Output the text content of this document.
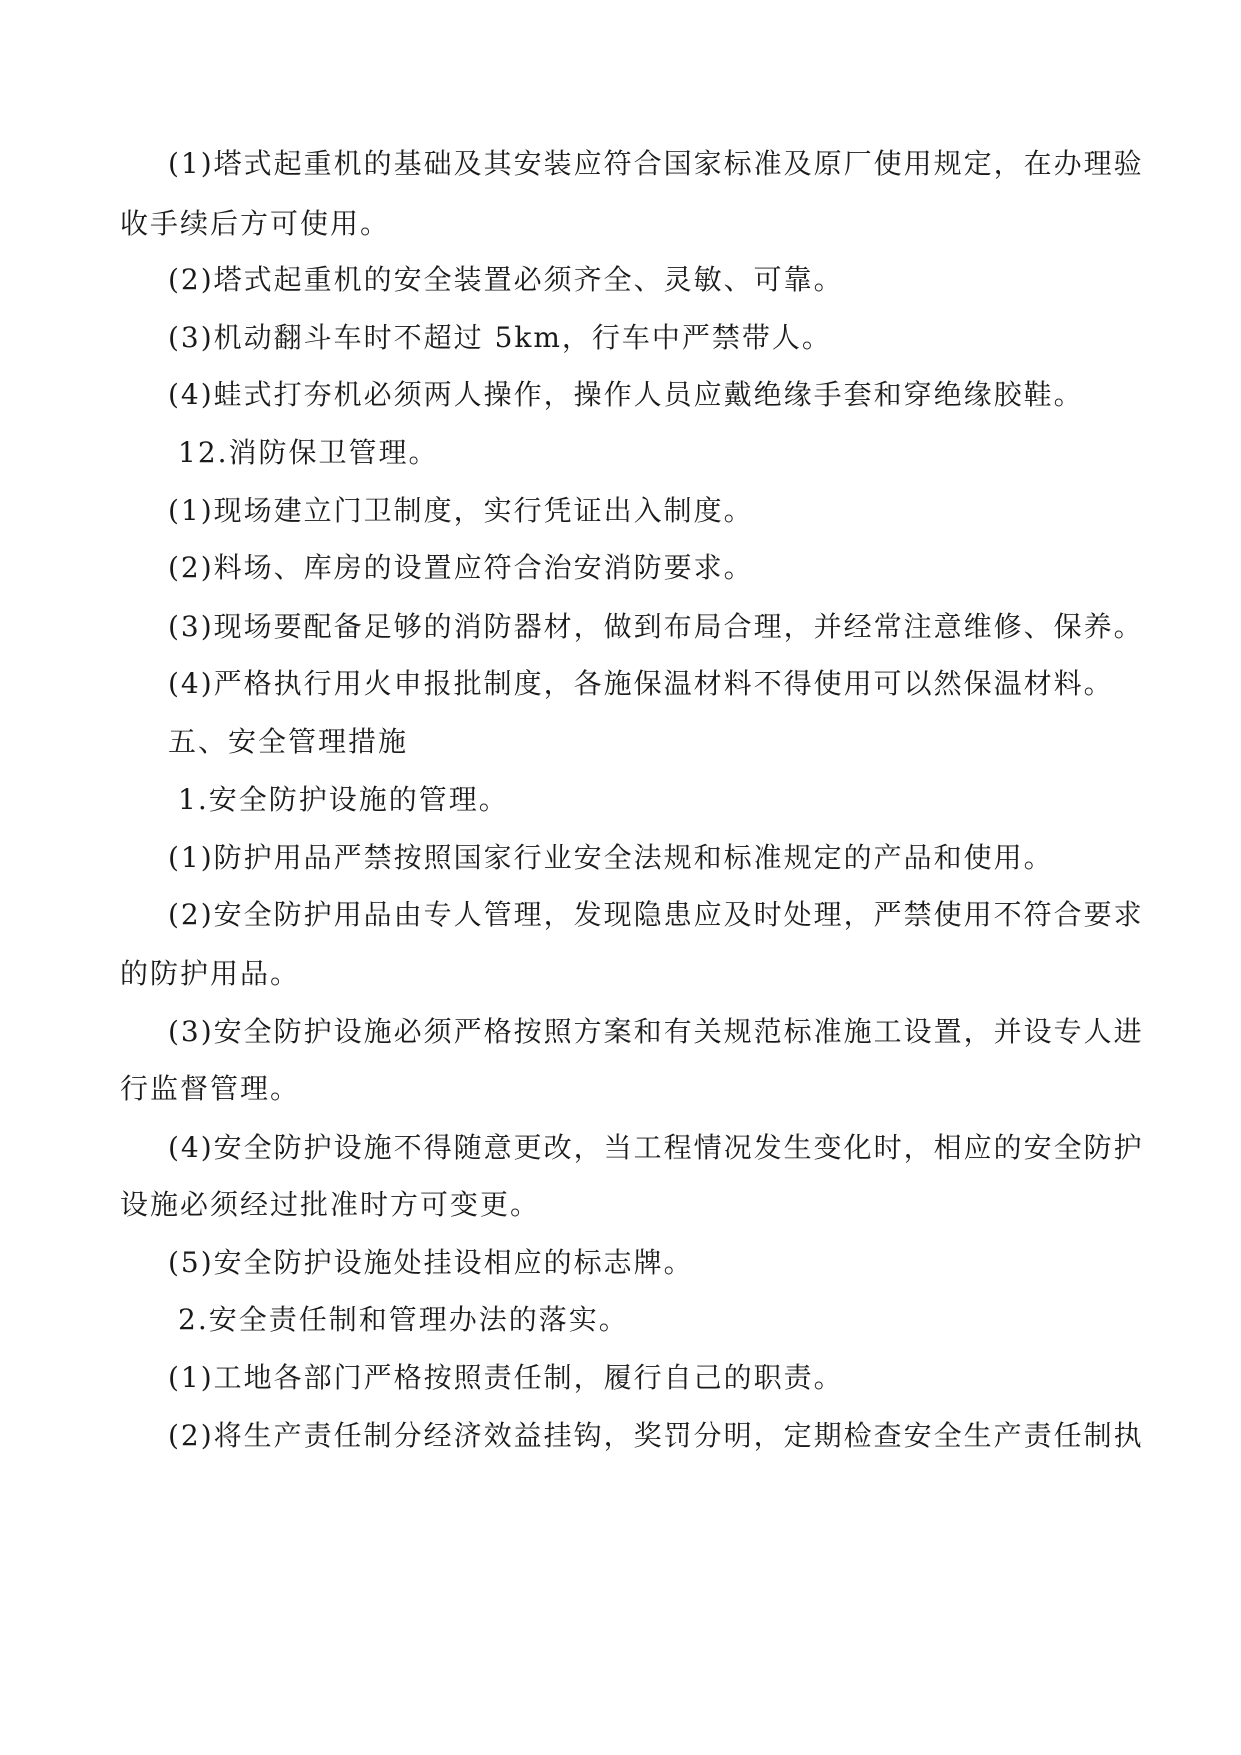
(1)塔式起重机的基础及其安装应符合国家标准及原厂使用规定，在办理验
收手续后方可使用。
(2)塔式起重机的安全装置必须齐全、灵敏、可靠。
(3)机动翻斗车时不超过 5km，行车中严禁带人。
(4)蛙式打夯机必须两人操作，操作人员应戴绝缘手套和穿绝缘胶鞋。
12.消防保卫管理。
(1)现场建立门卫制度，实行凭证出入制度。
(2)料场、库房的设置应符合治安消防要求。
(3)现场要配备足够的消防器材，做到布局合理，并经常注意维修、保养。
(4)严格执行用火申报批制度，各施保温材料不得使用可以然保温材料。
五、安全管理措施
1.安全防护设施的管理。
(1)防护用品严禁按照国家行业安全法规和标准规定的产品和使用。
(2)安全防护用品由专人管理，发现隐患应及时处理，严禁使用不符合要求
的防护用品。
(3)安全防护设施必须严格按照方案和有关规范标准施工设置，并设专人进
行监督管理。
(4)安全防护设施不得随意更改，当工程情况发生变化时，相应的安全防护
设施必须经过批准时方可变更。
(5)安全防护设施处挂设相应的标志牌。
2.安全责任制和管理办法的落实。
(1)工地各部门严格按照责任制，履行自己的职责。
(2)将生产责任制分经济效益挂钩，奖罚分明，定期检查安全生产责任制执
